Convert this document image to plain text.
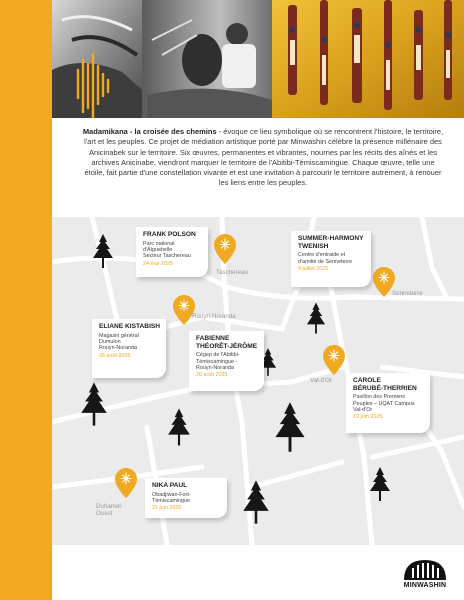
Madamikana - la croisée des chemins - évoque ce lieu symbolique où se rencontrent l'histoire, le territoire, l'art et les peuples. Ce projet de médiation artistique porté par Minwashin célèbre la présence millénaire des Anicinabek sur le territoire. Six œuvres, permanentes et vibrantes, nourries par les récits des aînés et les archives Anicinabe, viendront marquer le territoire de l'Abitibi-Témiscamingue. Chaque œuvre, telle une étoile, fait partie d'une constellation vivante et est une invitation à parcourir le territoire autrement, à renouer les liens entre les peuples.

Taschereau
Senneterre
Rouyn-Noranda
Val-d'Or
Duhamel-
Ouest
FRANK POLSON
Parc national
d'Aiguebelle
Secteur Taschereau
24 mai 2025
SUMMER-HARMONY
TWENISH
Centre d'entraide et
d'amitié de Senneterre
9 juillet 2025
ELIANE KISTABISH
Magasin général
Dumulon
Rouyn-Noranda
26 août 2025
FABIENNE
THÉORÊT-JÉRÔME
Cégep de l'Abitibi-
Témiscamingue -
Rouyn-Noranda
26 août 2025
CAROLE
BÉRUBÉ-THERRIEN
Pavillon des Premiers
Peuples – UQAT Campus
Val-d'Or
19 juin 2025
NIKA PAUL
Obadjiwan-Fort-
Témiscamingue
21 juin 2025
MINWASHIN
